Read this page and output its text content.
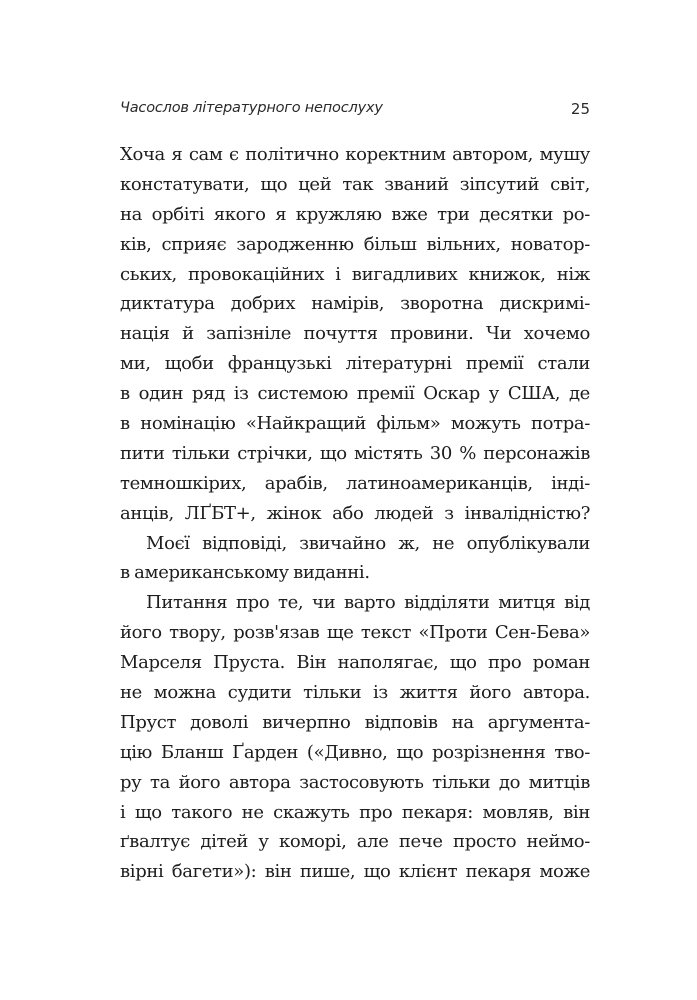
Часослов літературного непослуху	25
Хоча я сам є політично коректним автором, мушу
констатувати, що цей так званий зіпсутий світ,
на орбіті якого я кружляю вже три десятки ро-
ків, сприяє зародженню більш вільних, новатор-
ських, провокаційних і вигадливих книжок, ніж
диктатура добрих намірів, зворотна дискримі-
нація й запізніле почуття провини. Чи хочемо
ми, щоби французькі літературні премії стали
в один ряд із системою премії Оскар у США, де
в номінацію «Найкращий фільм» можуть потра-
пити тільки стрічки, що містять 30 % персонажів
темношкірих, арабів, латиноамериканців, інді-
анців, ЛҐБТ+, жінок або людей з інвалідністю?
Моєї відповіді, звичайно ж, не опублікували
в американському виданні.
Питання про те, чи варто відділяти митця від
його твору, розв'язав ще текст «Проти Сен-Бева»
Марселя Пруста. Він наполягає, що про роман
не можна судити тільки із життя його автора.
Пруст доволі вичерпно відповів на аргумента-
цію Бланш Ґарден («Дивно, що розрізнення тво-
ру та його автора застосовують тільки до митців
і що такого не скажуть про пекаря: мовляв, він
ґвалтує дітей у коморі, але пече просто неймо-
вірні багети»): він пише, що клієнт пекаря може
